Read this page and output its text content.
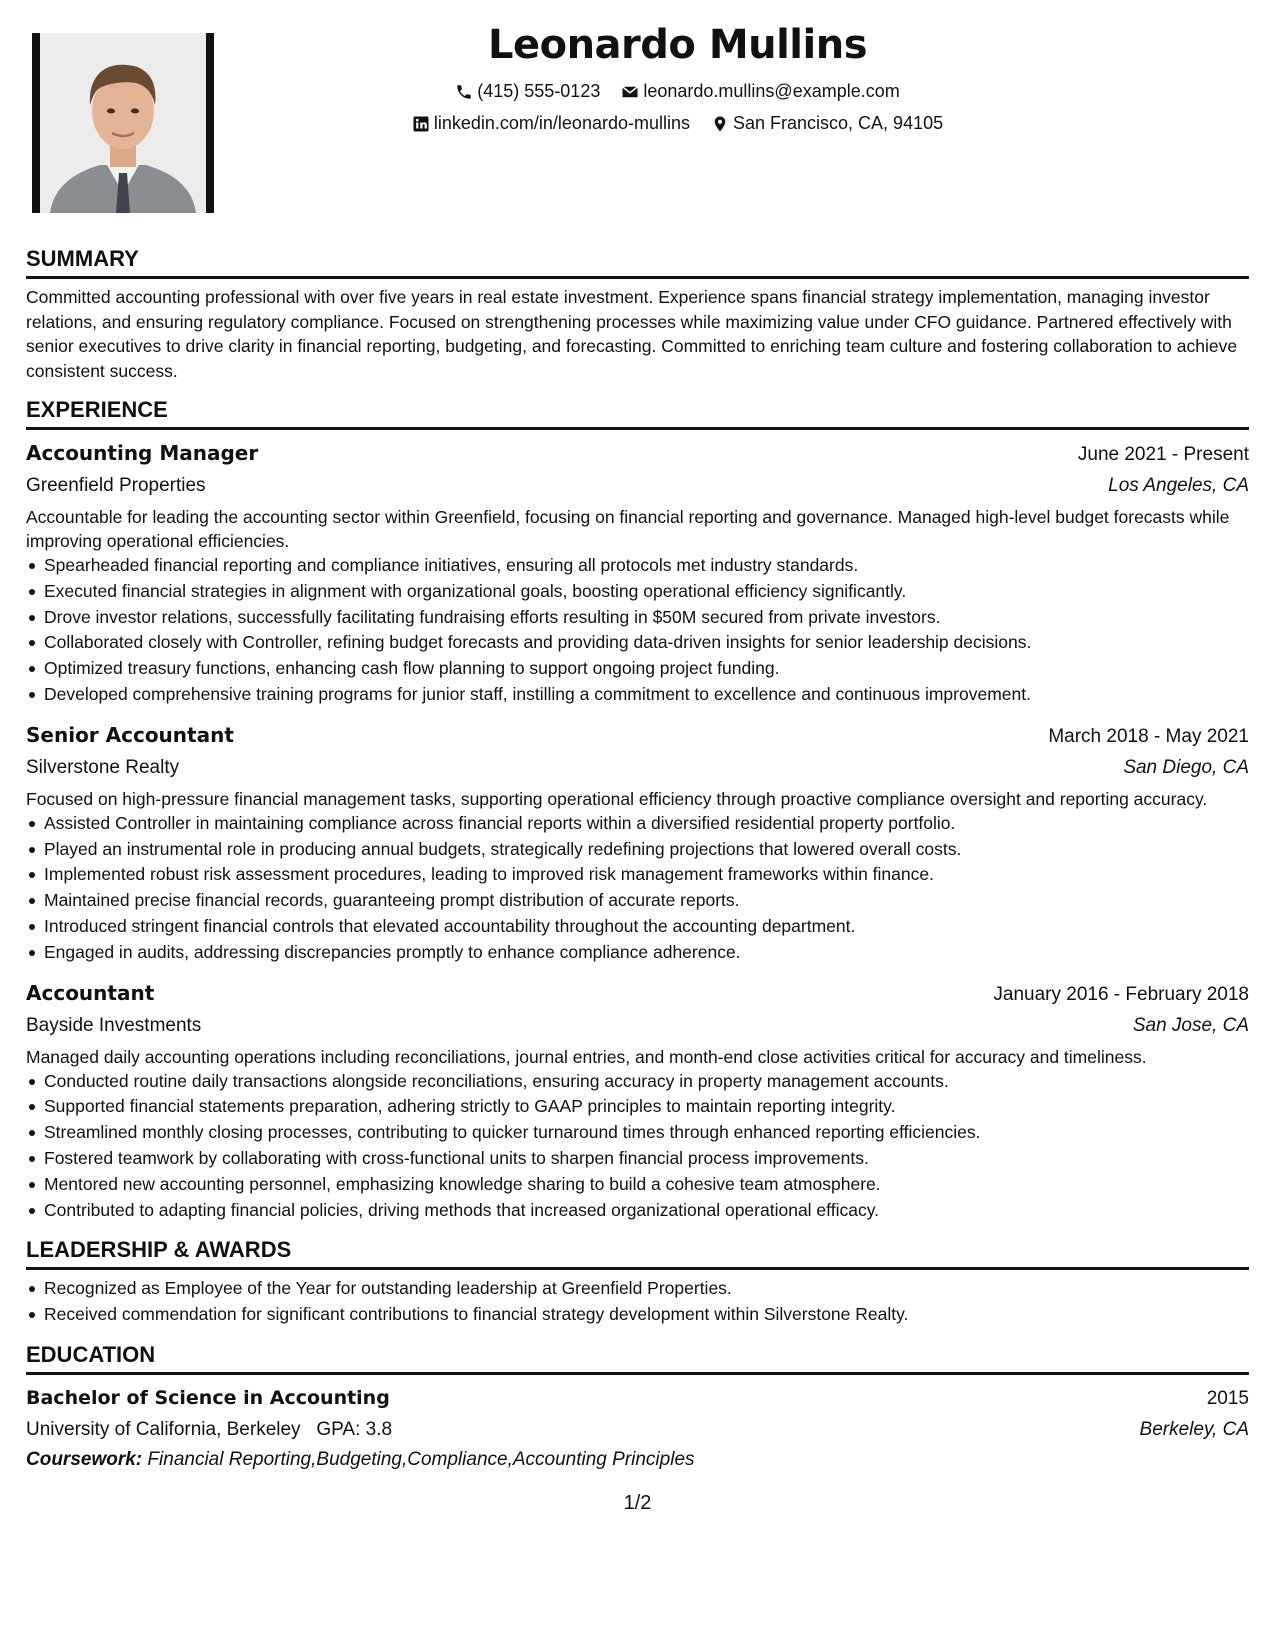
Leonardo Mullins
(415) 555-0123
leonardo.mullins@example.com
linkedin.com/in/leonardo-mullins
San Francisco, CA, 94105
SUMMARY

Committed accounting professional with over five years in real estate investment. Experience spans financial strategy implementation, managing investor relations, and ensuring regulatory compliance. Focused on strengthening processes while maximizing value under CFO guidance. Partnered effectively with senior executives to drive clarity in financial reporting, budgeting, and forecasting. Committed to enriching team culture and fostering collaboration to achieve consistent success.

EXPERIENCE
Accounting Manager	June 2021 - Present
Greenfield Properties	Los Angeles, CA

Accountable for leading the accounting sector within Greenfield, focusing on financial reporting and governance. Managed high-level budget forecasts while improving operational efficiencies.

Spearheaded financial reporting and compliance initiatives, ensuring all protocols met industry standards.
Executed financial strategies in alignment with organizational goals, boosting operational efficiency significantly.
Drove investor relations, successfully facilitating fundraising efforts resulting in $50M secured from private investors.
Collaborated closely with Controller, refining budget forecasts and providing data-driven insights for senior leadership decisions.
Optimized treasury functions, enhancing cash flow planning to support ongoing project funding.
Developed comprehensive training programs for junior staff, instilling a commitment to excellence and continuous improvement.
Senior Accountant	March 2018 - May 2021
Silverstone Realty	San Diego, CA

Focused on high-pressure financial management tasks, supporting operational efficiency through proactive compliance oversight and reporting accuracy.

Assisted Controller in maintaining compliance across financial reports within a diversified residential property portfolio.
Played an instrumental role in producing annual budgets, strategically redefining projections that lowered overall costs.
Implemented robust risk assessment procedures, leading to improved risk management frameworks within finance.
Maintained precise financial records, guaranteeing prompt distribution of accurate reports.
Introduced stringent financial controls that elevated accountability throughout the accounting department.
Engaged in audits, addressing discrepancies promptly to enhance compliance adherence.
Accountant	January 2016 - February 2018
Bayside Investments	San Jose, CA

Managed daily accounting operations including reconciliations, journal entries, and month-end close activities critical for accuracy and timeliness.

Conducted routine daily transactions alongside reconciliations, ensuring accuracy in property management accounts.
Supported financial statements preparation, adhering strictly to GAAP principles to maintain reporting integrity.
Streamlined monthly closing processes, contributing to quicker turnaround times through enhanced reporting efficiencies.
Fostered teamwork by collaborating with cross-functional units to sharpen financial process improvements.
Mentored new accounting personnel, emphasizing knowledge sharing to build a cohesive team atmosphere.
Contributed to adapting financial policies, driving methods that increased organizational operational efficacy.
LEADERSHIP & AWARDS
Recognized as Employee of the Year for outstanding leadership at Greenfield Properties.
Received commendation for significant contributions to financial strategy development within Silverstone Realty.
EDUCATION
Bachelor of Science in Accounting	2015
University of California, Berkeley GPA: 3.8	Berkeley, CA
Coursework: Financial Reporting,Budgeting,Compliance,Accounting Principles
1/2
